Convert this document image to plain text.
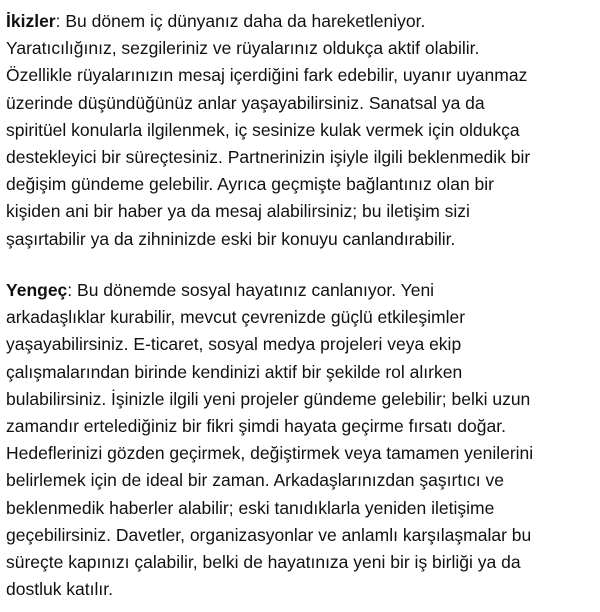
İkizler: Bu dönem iç dünyanız daha da hareketleniyor.
Yaratıcılığınız, sezgileriniz ve rüyalarınız oldukça aktif olabilir.
Özellikle rüyalarınızın mesaj içerdiğini fark edebilir, uyanır uyanmaz
üzerinde düşündüğünüz anlar yaşayabilirsiniz. Sanatsal ya da
spiritüel konularla ilgilenmek, iç sesinize kulak vermek için oldukça
destekleyici bir süreçtesiniz. Partnerinizin işiyle ilgili beklenmedik bir
değişim gündeme gelebilir. Ayrıca geçmişte bağlantınız olan bir
kişiden ani bir haber ya da mesaj alabilirsiniz; bu iletişim sizi
şaşırtabilir ya da zihninizde eski bir konuyu canlandırabilir.

Yengeç: Bu dönemde sosyal hayatınız canlanıyor. Yeni
arkadaşlıklar kurabilir, mevcut çevrenizde güçlü etkileşimler
yaşayabilirsiniz. E-ticaret, sosyal medya projeleri veya ekip
çalışmalarından birinde kendinizi aktif bir şekilde rol alırken
bulabilirsiniz. İşinizle ilgili yeni projeler gündeme gelebilir; belki uzun
zamandır ertelediğiniz bir fikri şimdi hayata geçirme fırsatı doğar.
Hedeflerinizi gözden geçirmek, değiştirmek veya tamamen yenilerini
belirlemek için de ideal bir zaman. Arkadaşlarınızdan şaşırtıcı ve
beklenmedik haberler alabilir; eski tanıdıklarla yeniden iletişime
geçebilirsiniz. Davetler, organizasyonlar ve anlamlı karşılaşmalar bu
süreçte kapınızı çalabilir, belki de hayatınıza yeni bir iş birliği ya da
dostluk katılır.
